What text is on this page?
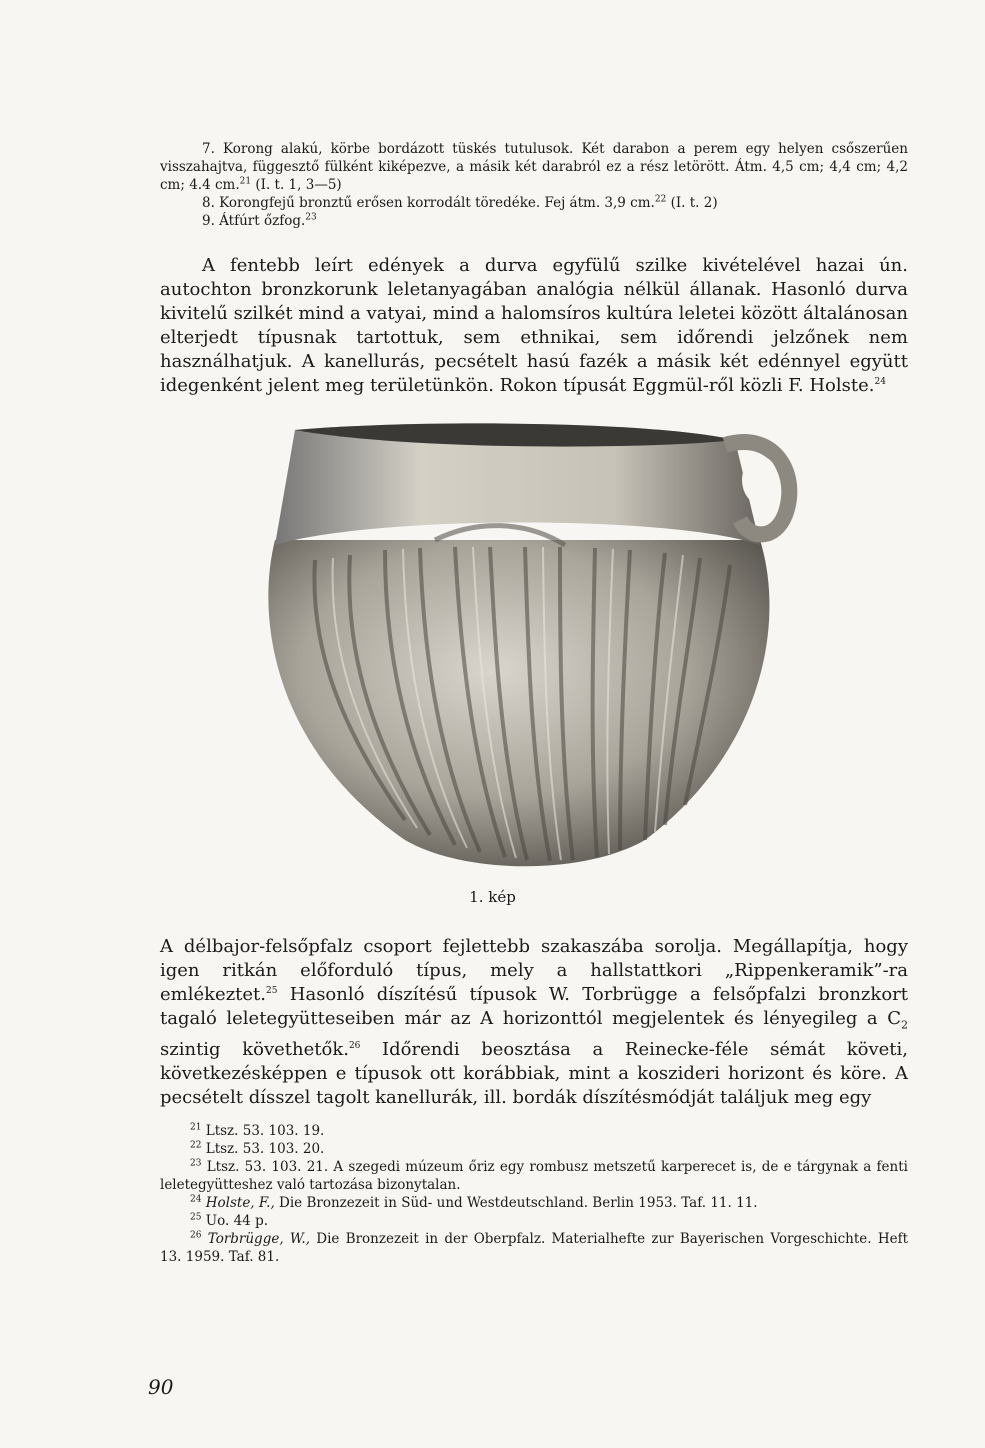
7. Korong alakú, körbe bordázott tüskés tutulusok. Két darabon a perem egy helyen csőszerűen visszahajtva, függesztő fülként kiképezve, a másik két darabról ez a rész letörött. Átm. 4,5 cm; 4,4 cm; 4,2 cm; 4.4 cm.$^{21}$ (I. t. 1, 3—5)

8. Korongfejű bronztű erősen korrodált töredéke. Fej átm. 3,9 cm.$^{22}$ (I. t. 2)

9. Átfúrt őzfog.$^{23}$

A fentebb leírt edények a durva egyfülű szilke kivételével hazai ún. autochton bronzkorunk leletanyagában analógia nélkül állanak. Hasonló durva kivitelű szilkét mind a vatyai, mind a halomsíros kultúra leletei között általánosan elterjedt típusnak tartottuk, sem ethnikai, sem időrendi jelzőnek nem használhatjuk. A kanellurás, pecsételt hasú fazék a másik két edénnyel együtt idegenként jelent meg területünkön. Rokon típusát Eggmül-ről közli F. Holste.$^{24}$

1. kép

A délbajor-felsőpfalz csoport fejlettebb szakaszába sorolja. Megállapítja, hogy igen ritkán előforduló típus, mely a hallstattkori „Rippenkeramik”-ra emlékeztet.$^{25}$ Hasonló díszítésű típusok W. Torbrügge a felsőpfalzi bronzkort tagaló leletegyütteseiben már az A horizonttól megjelentek és lényegileg a $C_2$ szintig követhetők.$^{26}$ Időrendi beosztása a Reinecke-féle sémát követi, következésképpen e típusok ott korábbiak, mint a koszideri horizont és köre. A pecsételt dísszel tagolt kanellurák, ill. bordák díszítésmódját találjuk meg egy

$^{21}$ Ltsz. 53. 103. 19.

$^{22}$ Ltsz. 53. 103. 20.

$^{23}$ Ltsz. 53. 103. 21. A szegedi múzeum őriz egy rombusz metszetű karperecet is, de e tárgynak a fenti leletegyütteshez való tartozása bizonytalan.

$^{24}$ Holste, F., Die Bronzezeit in Süd- und Westdeutschland. Berlin 1953. Taf. 11. 11.

$^{25}$ Uo. 44 p.

$^{26}$ Torbrügge, W., Die Bronzezeit in der Oberpfalz. Materialhefte zur Bayerischen Vorgeschichte. Heft 13. 1959. Taf. 81.

90
